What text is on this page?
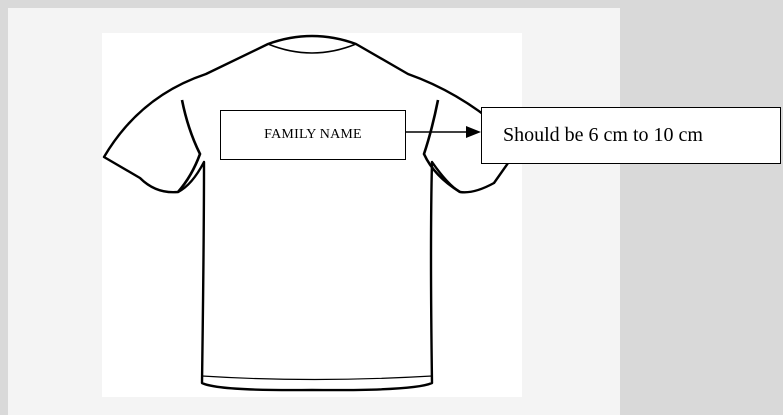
FAMILY NAME	Should be 6 cm to 10 cm
